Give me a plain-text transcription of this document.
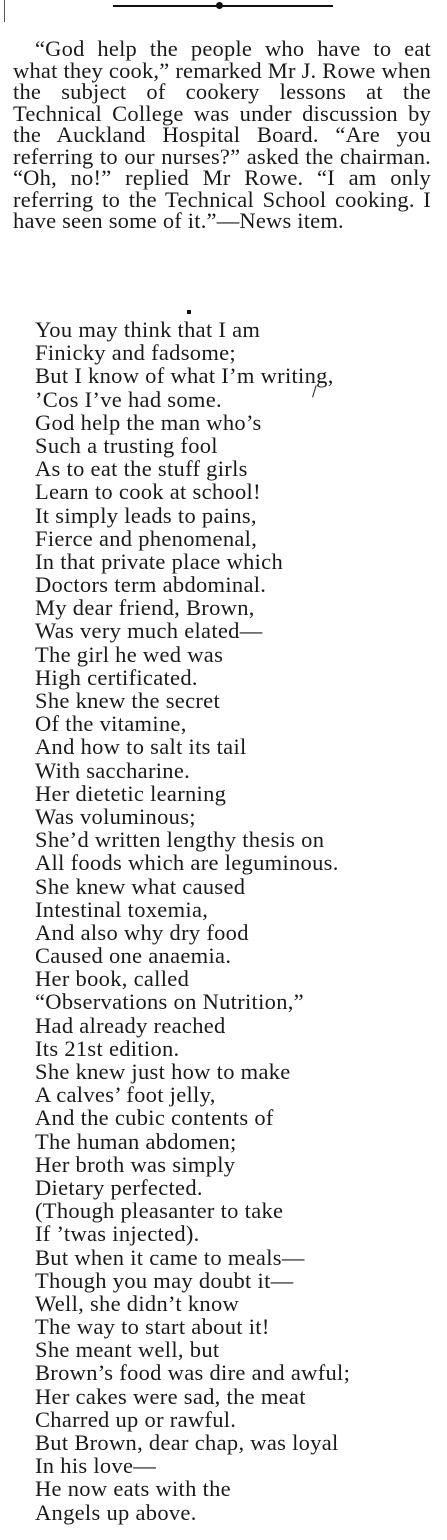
“God help the people who have to eat what they cook,” remarked Mr J. Rowe when the subject of cookery lessons at the Technical College was under discussion by the Auckland Hospital Board. “Are you referring to our nurses?” asked the chairman. “Oh, no!” replied Mr Rowe. “I am only referring to the Technical School cooking. I have seen some of it.”—News item.

You may think that I am
Finicky and fadsome;
But I know of what I’m writing,
’Cos I’ve had some.
God help the man who’s
Such a trusting fool
As to eat the stuff girls
Learn to cook at school!
It simply leads to pains,
Fierce and phenomenal,
In that private place which
Doctors term abdominal.
My dear friend, Brown,
Was very much elated—
The girl he wed was
High certificated.
She knew the secret
Of the vitamine,
And how to salt its tail
With saccharine.
Her dietetic learning
Was voluminous;
She’d written lengthy thesis on
All foods which are leguminous.
She knew what caused
Intestinal toxemia,
And also why dry food
Caused one anaemia.
Her book, called
“Observations on Nutrition,”
Had already reached
Its 21st edition.
She knew just how to make
A calves’ foot jelly,
And the cubic contents of
The human abdomen;
Her broth was simply
Dietary perfected.
(Though pleasanter to take
If ’twas injected).
But when it came to meals—
Though you may doubt it—
Well, she didn’t know
The way to start about it!
She meant well, but
Brown’s food was dire and awful;
Her cakes were sad, the meat
Charred up or rawful.
But Brown, dear chap, was loyal
In his love—
He now eats with the
Angels up above.
/
